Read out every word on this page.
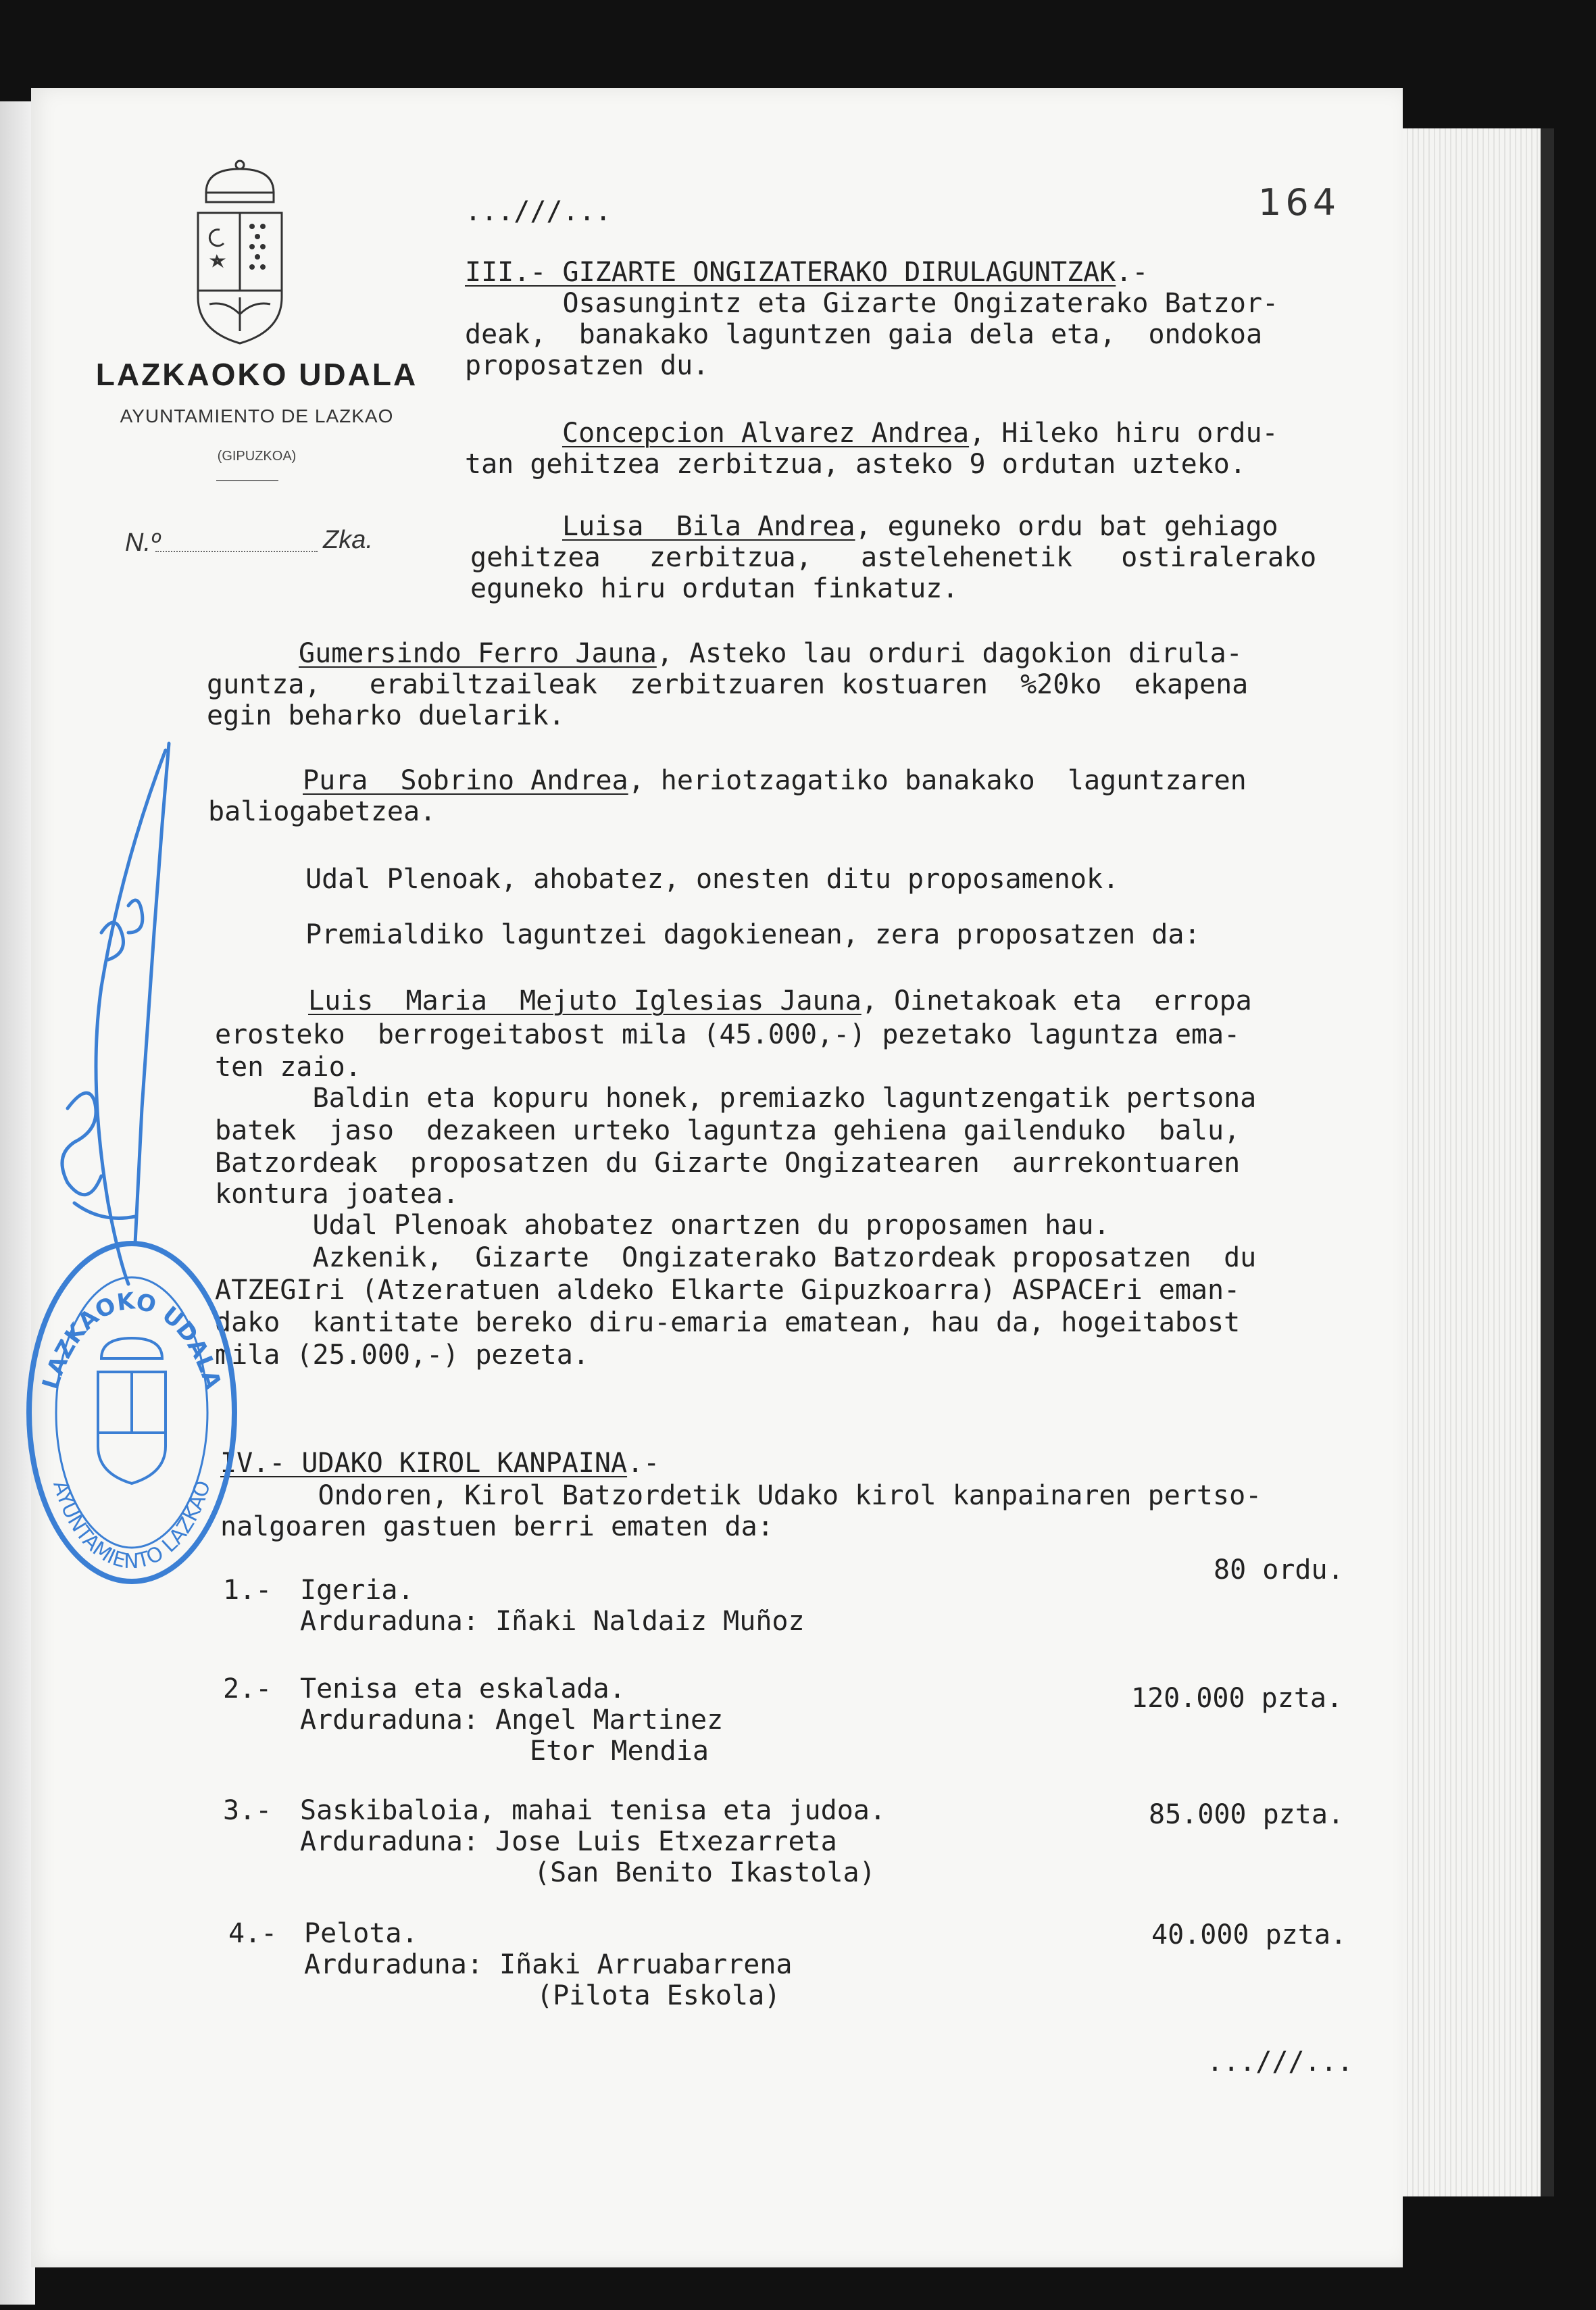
LAZKAOKO UDALA
AYUNTAMIENTO DE LAZKAO
(GIPUZKOA)
N.º	Zka.
164
...///...
III.- GIZARTE ONGIZATERAKO DIRULAGUNTZAK.-
Osasungintz eta Gizarte Ongizaterako Batzor-
deak,  banakako laguntzen gaia dela eta,  ondokoa
proposatzen du.
Concepcion Alvarez Andrea, Hileko hiru ordu-
tan gehitzea zerbitzua, asteko 9 ordutan uzteko.
Luisa  Bila Andrea, eguneko ordu bat gehiago
gehitzea   zerbitzua,   astelehenetik   ostiralerako
eguneko hiru ordutan finkatuz.
Gumersindo Ferro Jauna, Asteko lau orduri dagokion dirula-
guntza,   erabiltzaileak  zerbitzuaren kostuaren  %20ko  ekapena
egin beharko duelarik.
Pura  Sobrino Andrea, heriotzagatiko banakako  laguntzaren
baliogabetzea.
Udal Plenoak, ahobatez, onesten ditu proposamenok.
Premialdiko laguntzei dagokienean, zera proposatzen da:
Luis  Maria  Mejuto Iglesias Jauna, Oinetakoak eta  erropa
erosteko  berrogeitabost mila (45.000,-) pezetako laguntza ema-
ten zaio.
Baldin eta kopuru honek, premiazko laguntzengatik pertsona
batek  jaso  dezakeen urteko laguntza gehiena gailenduko  balu,
Batzordeak  proposatzen du Gizarte Ongizatearen  aurrekontuaren
kontura joatea.
Udal Plenoak ahobatez onartzen du proposamen hau.
Azkenik,  Gizarte  Ongizaterako Batzordeak proposatzen  du
ATZEGIri (Atzeratuen aldeko Elkarte Gipuzkoarra) ASPACEri eman-
dako  kantitate bereko diru-emaria ematean, hau da, hogeitabost
mila (25.000,-) pezeta.
IV.- UDAKO KIROL KANPAINA.-
Ondoren, Kirol Batzordetik Udako kirol kanpainaren pertso-
nalgoaren gastuen berri ematen da:
1.- Igeria.
Arduraduna: Iñaki Naldaiz Muñoz
80 ordu.
2.- Tenisa eta eskalada.
Arduraduna: Angel Martinez
Etor Mendia
120.000 pzta.
3.- Saskibaloia, mahai tenisa eta judoa.
Arduraduna: Jose Luis Etxezarreta
(San Benito Ikastola)
85.000 pzta.
4.- Pelota.
Arduraduna: Iñaki Arruabarrena
(Pilota Eskola)
40.000 pzta.
...///...
LAZKAOKO UDALA
AYUNTAMIENTO LAZKAO
